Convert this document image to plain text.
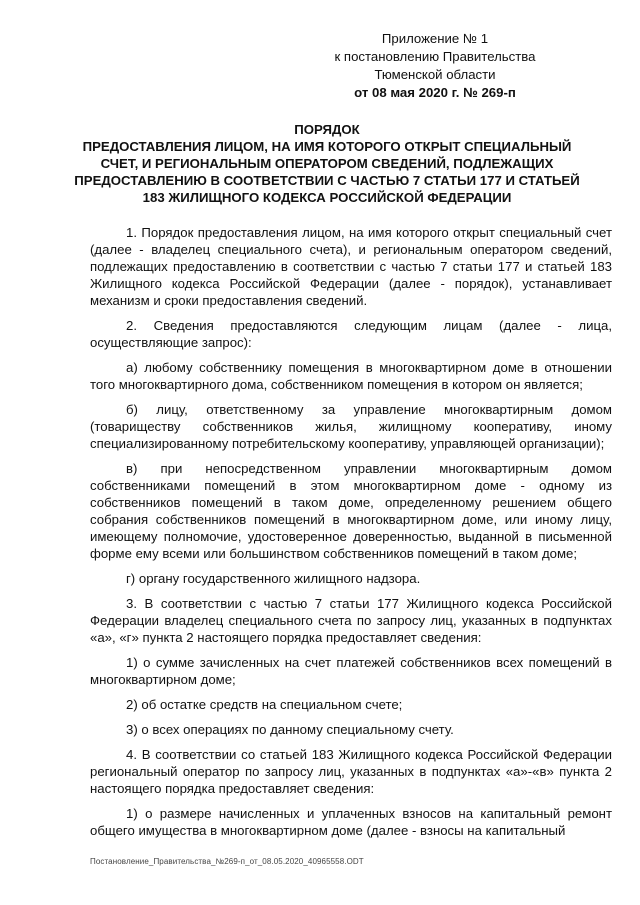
Приложение № 1
к постановлению Правительства
Тюменской области
от 08 мая 2020 г. № 269-п
ПОРЯДОК
ПРЕДОСТАВЛЕНИЯ ЛИЦОМ, НА ИМЯ КОТОРОГО ОТКРЫТ СПЕЦИАЛЬНЫЙ СЧЕТ, И РЕГИОНАЛЬНЫМ ОПЕРАТОРОМ СВЕДЕНИЙ, ПОДЛЕЖАЩИХ ПРЕДОСТАВЛЕНИЮ В СООТВЕТСТВИИ С ЧАСТЬЮ 7 СТАТЬИ 177 И СТАТЬЕЙ 183 ЖИЛИЩНОГО КОДЕКСА РОССИЙСКОЙ ФЕДЕРАЦИИ

1. Порядок предоставления лицом, на имя которого открыт специальный счет (далее - владелец специального счета), и региональным оператором сведений, подлежащих предоставлению в соответствии с частью 7 статьи 177 и статьей 183 Жилищного кодекса Российской Федерации (далее - порядок), устанавливает механизм и сроки предоставления сведений.

2. Сведения предоставляются следующим лицам (далее - лица, осуществляющие запрос):

а) любому собственнику помещения в многоквартирном доме в отношении того многоквартирного дома, собственником помещения в котором он является;

б) лицу, ответственному за управление многоквартирным домом (товариществу собственников жилья, жилищному кооперативу, иному специализированному потребительскому кооперативу, управляющей организации);

в) при непосредственном управлении многоквартирным домом собственниками помещений в этом многоквартирном доме - одному из собственников помещений в таком доме, определенному решением общего собрания собственников помещений в многоквартирном доме, или иному лицу, имеющему полномочие, удостоверенное доверенностью, выданной в письменной форме ему всеми или большинством собственников помещений в таком доме;

г) органу государственного жилищного надзора.

3. В соответствии с частью 7 статьи 177 Жилищного кодекса Российской Федерации владелец специального счета по запросу лиц, указанных в подпунктах «а», «г» пункта 2 настоящего порядка предоставляет сведения:

1) о сумме зачисленных на счет платежей собственников всех помещений в многоквартирном доме;

2) об остатке средств на специальном счете;

3) о всех операциях по данному специальному счету.

4. В соответствии со статьей 183 Жилищного кодекса Российской Федерации региональный оператор по запросу лиц, указанных в подпунктах «а»-«в» пункта 2 настоящего порядка предоставляет сведения:

1) о размере начисленных и уплаченных взносов на капитальный ремонт общего имущества в многоквартирном доме (далее - взносы на капитальный

Постановление_Правительства_№269-п_от_08.05.2020_40965558.ODT
